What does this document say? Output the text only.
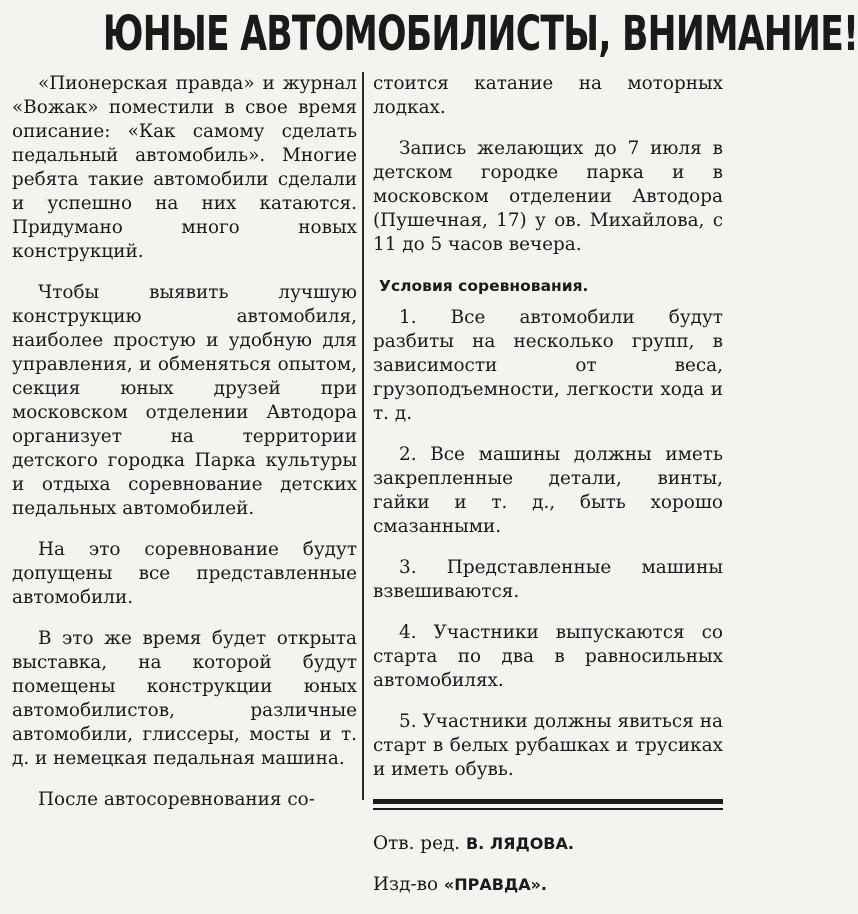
ЮНЫЕ АВТОМОБИЛИСТЫ, ВНИМАНИЕ!

«Пионерская правда» и журнал «Вожак» поместили в свое время описание: «Как самому сделать педальный автомобиль». Многие ребята такие автомобили сделали и успешно на них катаются. Придумано много новых конструкций.

Чтобы выявить лучшую конструкцию автомобиля, наиболее простую и удобную для управления, и обменяться опытом, секция юных друзей при московском отделении Автодора организует на территории детского городка Парка культуры и отдыха соревнование детских педальных автомобилей.

На это соревнование будут допущены все представленные автомобили.

В это же время будет открыта выставка, на которой будут помещены конструкции юных автомобилистов, различные автомобили, глиссеры, мосты и т. д. и немецкая педальная машина.

После автосоревнования со-

стоится катание на моторных лодках.

Запись желающих до 7 июля в детском городке парка и в московском отделении Автодора (Пушечная, 17) у ов. Михайлова, с 11 до 5 часов вечера.

Условия соревнования.

1. Все автомобили будут разбиты на несколько групп, в зависимости от веса, грузоподъемности, легкости хода и т. д.

2. Все машины должны иметь закрепленные детали, винты, гайки и т. д., быть хорошо смазанными.

3. Представленные машины взвешиваются.

4. Участники выпускаются со старта по два в равносильных автомобилях.

5. Участники должны явиться на старт в белых рубашках и трусиках и иметь обувь.

Отв. ред. В. ЛЯДОВА.

Изд-во «ПРАВДА».
